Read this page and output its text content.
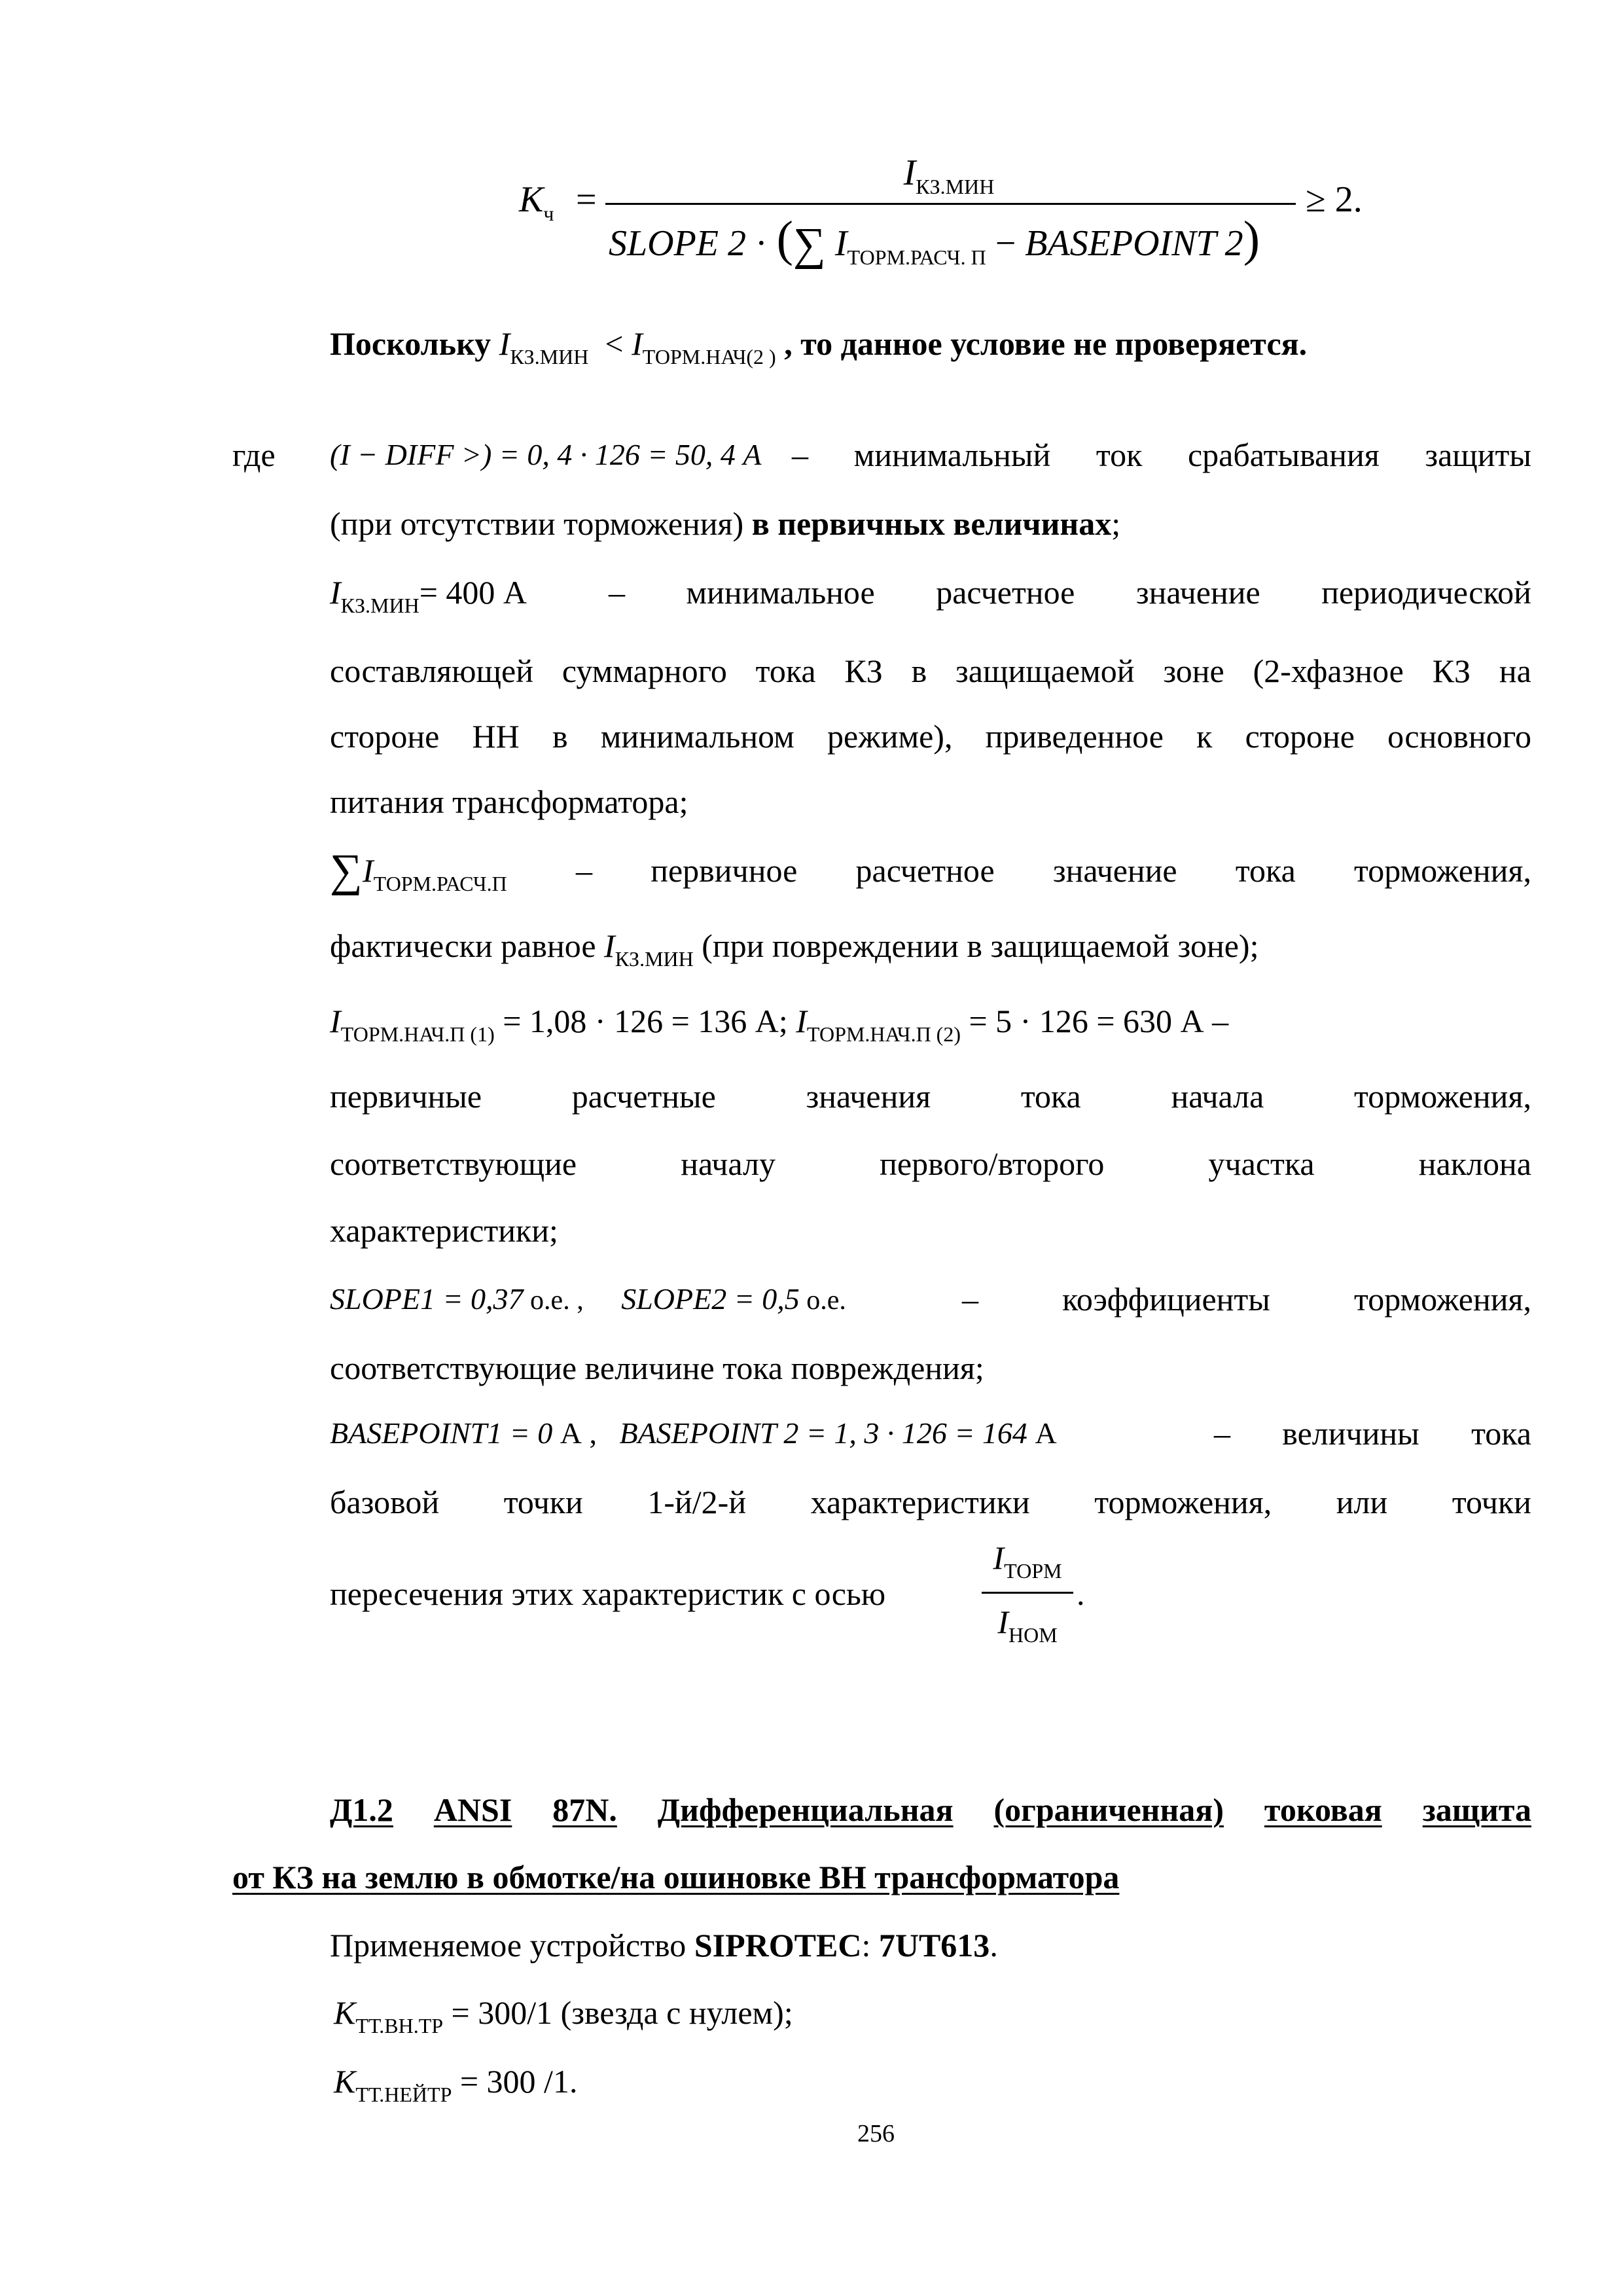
$K_ч$ =
IКЗ.МИН
SLOPE 2 · (∑ $I_{ТОРМ.РАСЧ. П}$ − BASEPOINT 2)
≥ 2.
Поскольку $I_{КЗ.МИН} < I_{ТОРМ.НАЧ(2 )}$ , то данное условие не проверяется.
где (I − DIFF >) = 0, 4 · 126 = 50, 4 А – минимальный ток срабатывания защиты
(при отсутствии торможения) в первичных величинах;
$I_{КЗ.МИН}= 400$ А – минимальное расчетное значение периодической
составляющей суммарного тока КЗ в защищаемой зоне (2-хфазное КЗ на
стороне НН в минимальном режиме), приведенное к стороне основного
питания трансформатора;
$\sum I_{ТОРМ.РАСЧ.П}$ – первичное расчетное значение тока торможения,
фактически равное $I_{КЗ.МИН}$ (при повреждении в защищаемой зоне);
$I_{ТОРМ.НАЧ.П (1)} = 1,08 \cdot 126 = 136$ А; $I_{ТОРМ.НАЧ.П (2)} = 5 \cdot 126 = 630$ А –
первичные	расчетные	значения	тока	начала	торможения,
соответствующие	началу	первого/второго	участка	наклона
характеристики;
SLOPE1 = 0,37 о.е. , SLOPE2 = 0,5 о.е.	–	коэффициенты	торможения,
соответствующие величине тока повреждения;
BASEPOINT1 = 0 А , BASEPOINT 2 = 1, 3 · 126 = 164 А	– величины тока
базовой точки 1-й/2-й характеристики торможения, или точки
пересечения этих характеристик с осью
$I_{ТОРМ}$
$I_{НОМ}$
.
Д1.2 ANSI 87N. Дифференциальная (ограниченная) токовая защита
от КЗ на землю в обмотке/на ошиновке ВН трансформатора
Применяемое устройство SIPROTEC: 7UT613.
$K_{ТТ.ВН.ТР} = 300/1$ (звезда с нулем);
$K_{ТТ.НЕЙТР} = 300$ /1.
256
